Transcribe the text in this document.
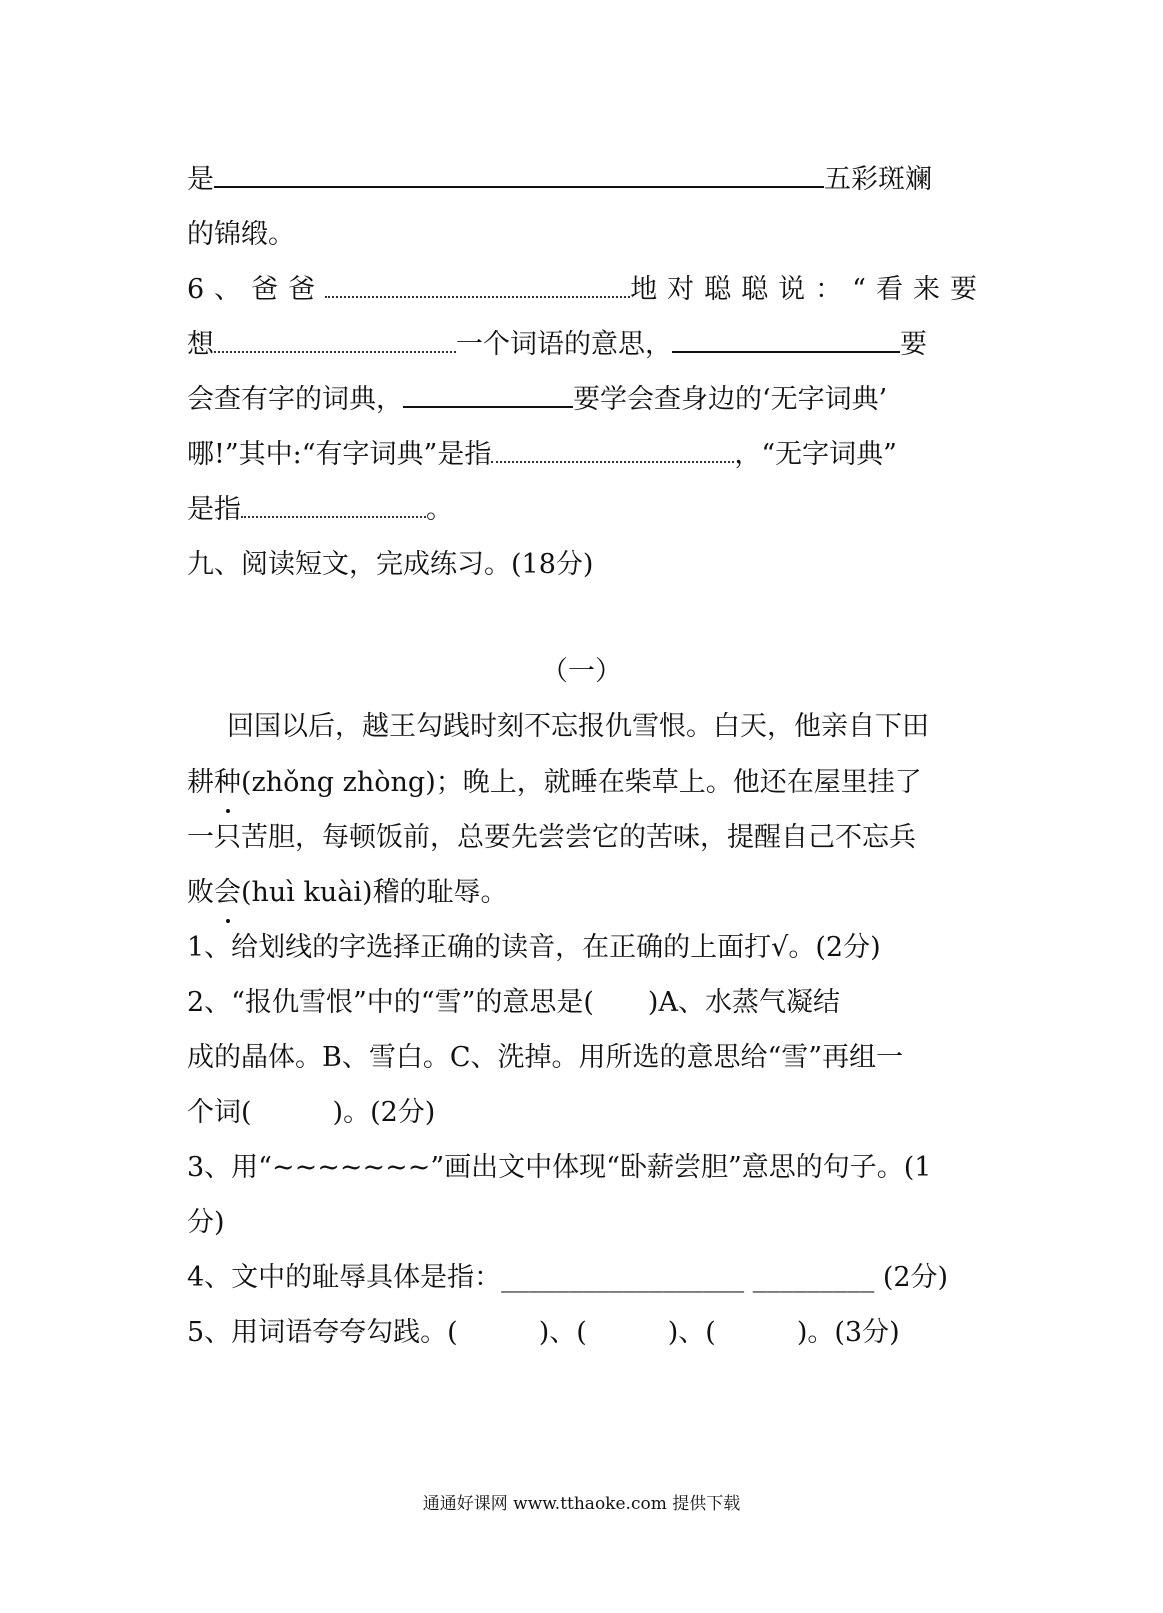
是	五彩斑斓
的锦缎。
6、爸爸	地对聪聪说：“看来要
想	一个词语的意思，	要
会查有字的词典，	要学会查身边的‘无字词典’
哪!”其中:“有字词典”是指	，“无字词典”
是指	。
九、阅读短文，完成练习。(18分)
（一）
回国以后，越王勾践时刻不忘报仇雪恨。白天，他亲自下田
耕种(zhǒng zhòng)；晚上，就睡在柴草上。他还在屋里挂了
一只苦胆，每顿饭前，总要先尝尝它的苦味，提醒自己不忘兵
败会(huì kuài)稽的耻辱。
1、给划线的字选择正确的读音，在正确的上面打√。(2分)
2、“报仇雪恨”中的“雪”的意思是(　　)A、水蒸气凝结
成的晶体。B、雪白。C、洗掉。用所选的意思给“雪”再组一
个词(　　　)。(2分)
3、用“~~~~~~~”画出文中体现“卧薪尝胆”意思的句子。(1
分)
4、文中的耻辱具体是指：__________________ _________ (2分)
5、用词语夸夸勾践。(　　　)、(　　　)、(　　　)。(3分)
通通好课网 www.tthaoke.com 提供下载
